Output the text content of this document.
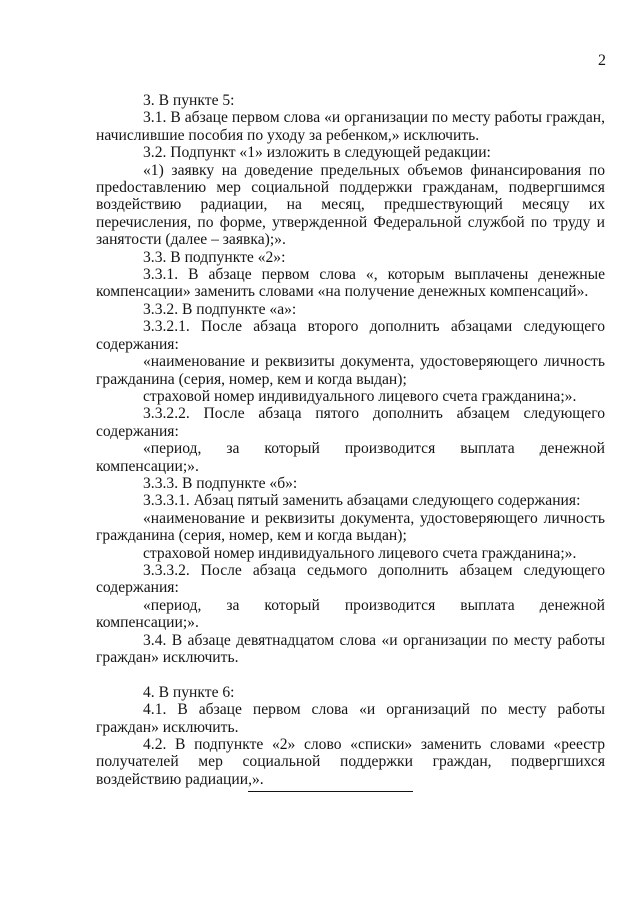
2

3. В пункте 5:

3.1. В абзаце первом слова «и организации по месту работы граждан, начислившие пособия по уходу за ребенком,» исключить.

3.2. Подпункт «1» изложить в следующей редакции:

«1) заявку на доведение предельных объемов финансирования по преdоставлению мер социальной поддержки гражданам, подвергшимся воздействию радиации, на месяц, предшествующий месяцу их перечисления, по форме, утвержденной Федеральной службой по труду и занятости (далее – заявка);».

3.3. В подпункте «2»:

3.3.1. В абзаце первом слова «, которым выплачены денежные компенсации» заменить словами «на получение денежных компенсаций».

3.3.2. В подпункте «а»:

3.3.2.1. После абзаца второго дополнить абзацами следующего содержания:

«наименование и реквизиты документа, удостоверяющего личность гражданина (серия, номер, кем и когда выдан);

страховой номер индивидуального лицевого счета гражданина;».

3.3.2.2. После абзаца пятого дополнить абзацем следующего содержания:

«период, за который производится выплата денежной компенсации;».

3.3.3. В подпункте «б»:

3.3.3.1. Абзац пятый заменить абзацами следующего содержания:

«наименование и реквизиты документа, удостоверяющего личность гражданина (серия, номер, кем и когда выдан);

страховой номер индивидуального лицевого счета гражданина;».

3.3.3.2. После абзаца седьмого дополнить абзацем следующего содержания:

«период, за который производится выплата денежной компенсации;».

3.4. В абзаце девятнадцатом слова «и организации по месту работы граждан» исключить.

4. В пункте 6:

4.1. В абзаце первом слова «и организаций по месту работы граждан» исключить.

4.2. В подпункте «2» слово «списки» заменить словами «реестр получателей мер социальной поддержки граждан, подвергшихся воздействию радиации,».
